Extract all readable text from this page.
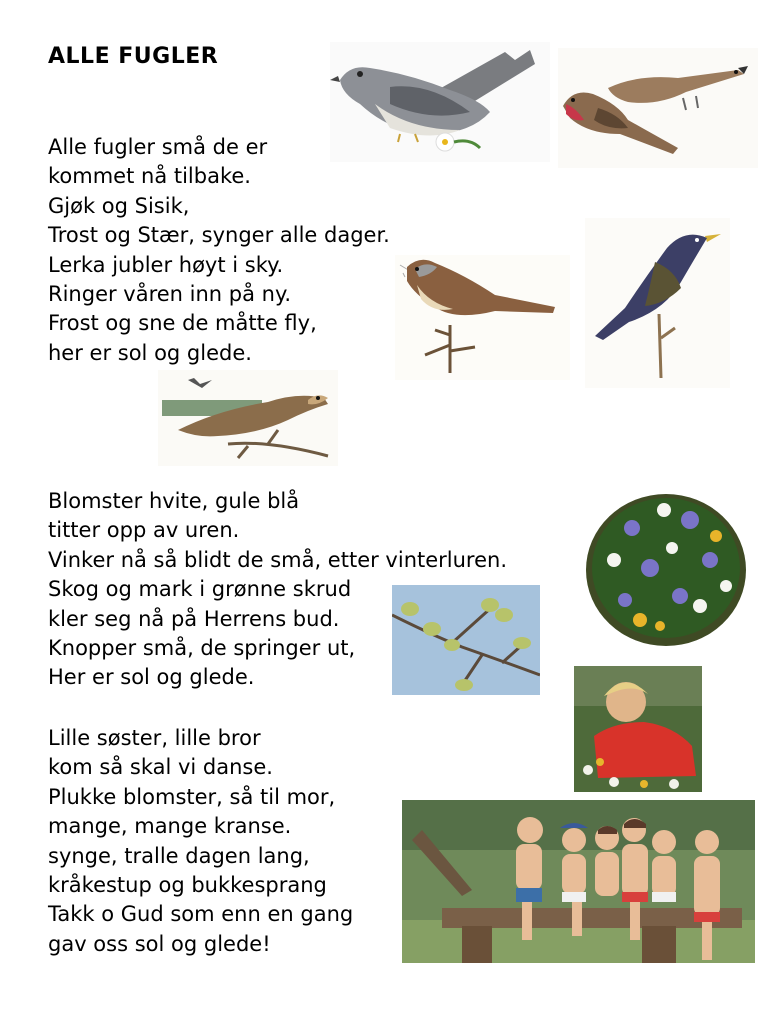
ALLE FUGLER
Alle fugler små de er
kommet nå tilbake.
Gjøk og Sisik,
Trost og Stær, synger alle dager.
Lerka jubler høyt i sky.
Ringer våren inn på ny.
Frost og sne de måtte fly,
her er sol og glede.
Blomster hvite, gule blå
titter opp av uren.
Vinker nå så blidt de små, etter vinterluren.
Skog og mark i grønne skrud
kler seg nå på Herrens bud.
Knopper små, de springer ut,
Her er sol og glede.
Lille søster, lille bror
kom så skal vi danse.
Plukke blomster, så til mor,
mange, mange kranse.
synge, tralle dagen lang,
kråkestup og bukkesprang
Takk o Gud som enn en gang
gav oss sol og glede!
